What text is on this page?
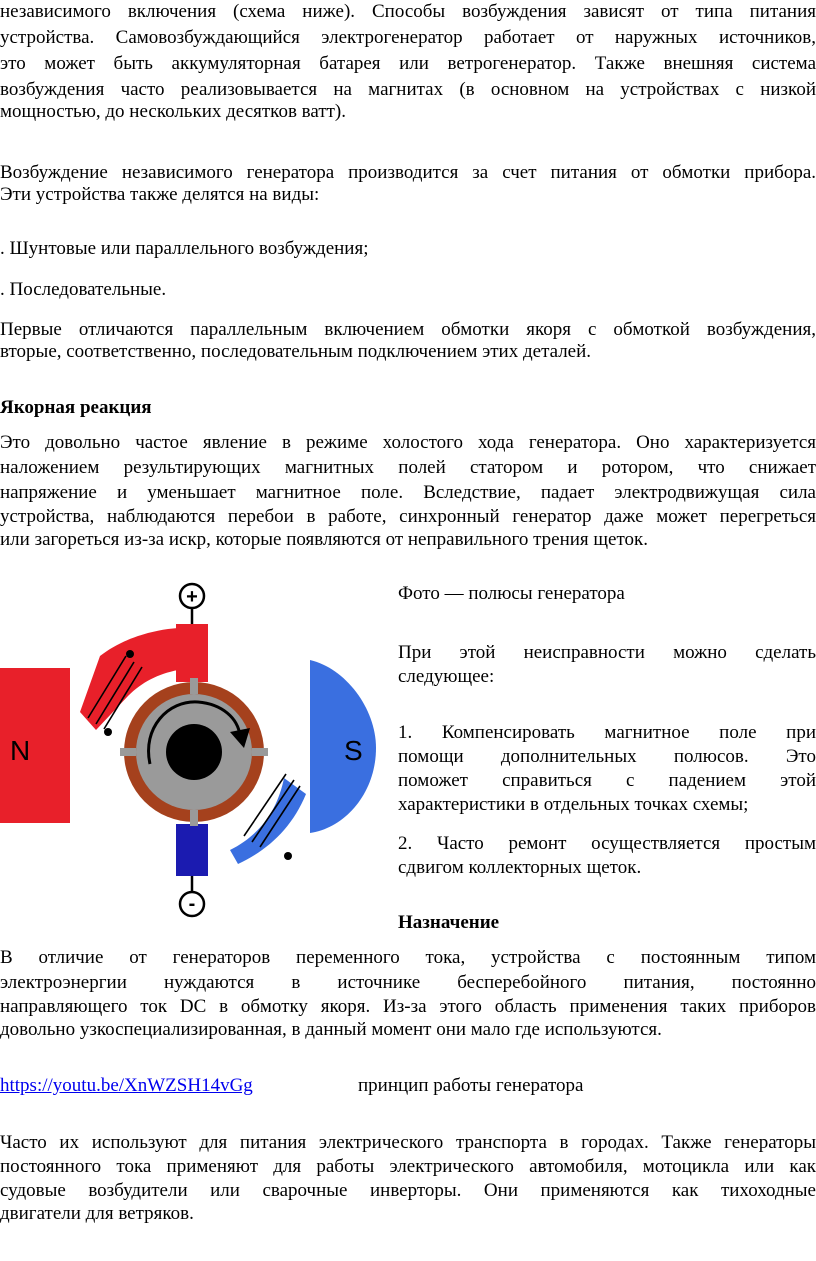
независимого включения (схема ниже). Способы возбуждения зависят от типа питания
устройства. Самовозбуждающийся электрогенератор работает от наружных источников,
это может быть аккумуляторная батарея или ветрогенератор. Также внешняя система
возбуждения часто реализовывается на магнитах (в основном на устройствах с низкой
мощностью, до нескольких десятков ватт).
Возбуждение независимого генератора производится за счет питания от обмотки прибора.
Эти устройства также делятся на виды:
. Шунтовые или параллельного возбуждения;
. Последовательные.
Первые отличаются параллельным включением обмотки якоря с обмоткой возбуждения,
вторые, соответственно, последовательным подключением этих деталей.
Якорная реакция
Это довольно частое явление в режиме холостого хода генератора. Оно характеризуется
наложением результирующих магнитных полей статором и ротором, что снижает
напряжение и уменьшает магнитное поле. Вследствие, падает электродвижущая сила
устройства, наблюдаются перебои в работе, синхронный генератор даже может перегреться
или загореться из-за искр, которые появляются от неправильного трения щеток.
N	S
+
-
Фото — полюсы генератора
При этой неисправности можно сделать
следующее:
1. Компенсировать магнитное поле при
помощи дополнительных полюсов. Это
поможет справиться с падением этой
характеристики в отдельных точках схемы;
2. Часто ремонт осуществляется простым
сдвигом коллекторных щеток.
Назначение
В отличие от генераторов переменного тока, устройства с постоянным типом
электроэнергии нуждаются в источнике бесперебойного питания, постоянно
направляющего ток DC в обмотку якоря. Из-за этого область применения таких приборов
довольно узкоспециализированная, в данный момент они мало где используются.
https://youtu.be/XnWZSH14vGg	принцип работы генератора
Часто их используют для питания электрического транспорта в городах. Также генераторы
постоянного тока применяют для работы электрического автомобиля, мотоцикла или как
судовые возбудители или сварочные инверторы. Они применяются как тихоходные
двигатели для ветряков.
